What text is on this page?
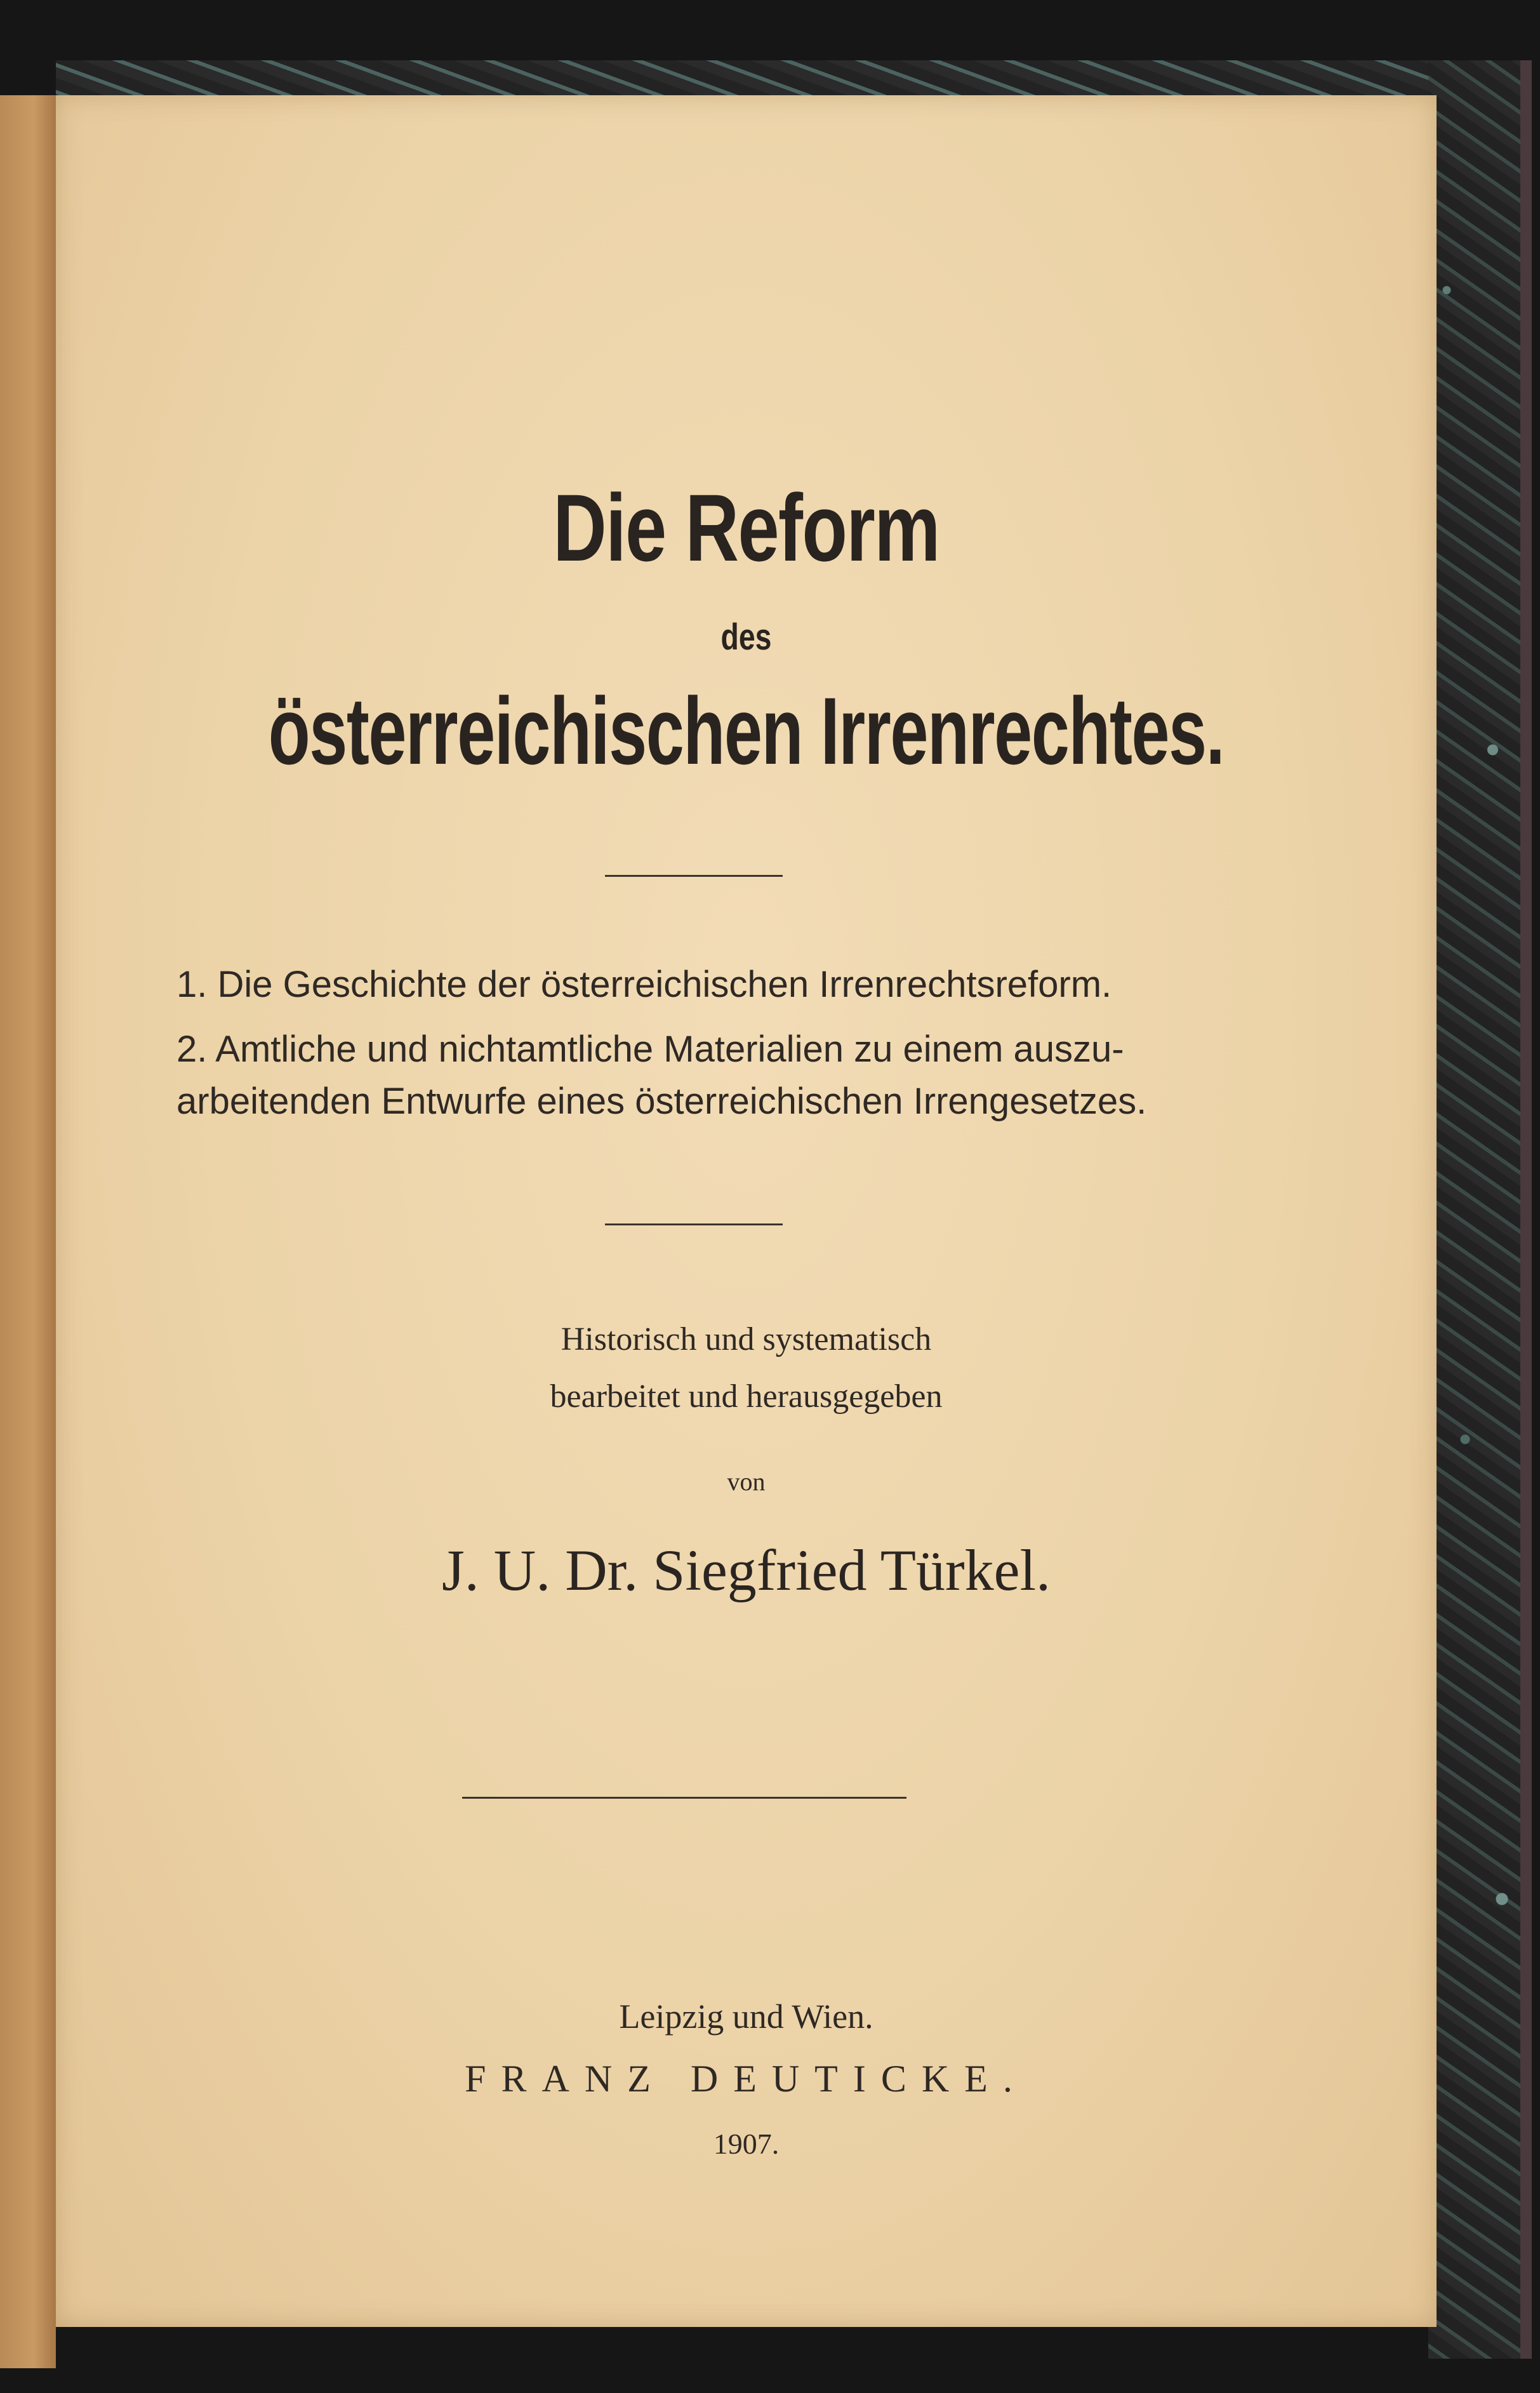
Die Reform
des
österreichischen Irrenrechtes.
1. Die Geschichte der österreichischen Irrenrechtsreform.
2. Amtliche und nichtamtliche Materialien zu einem auszu-
arbeitenden Entwurfe eines österreichischen Irrengesetzes.
Historisch und systematisch
bearbeitet und herausgegeben
von
J. U. Dr. Siegfried Türkel.
Leipzig und Wien.
FRANZ DEUTICKE.
1907.
